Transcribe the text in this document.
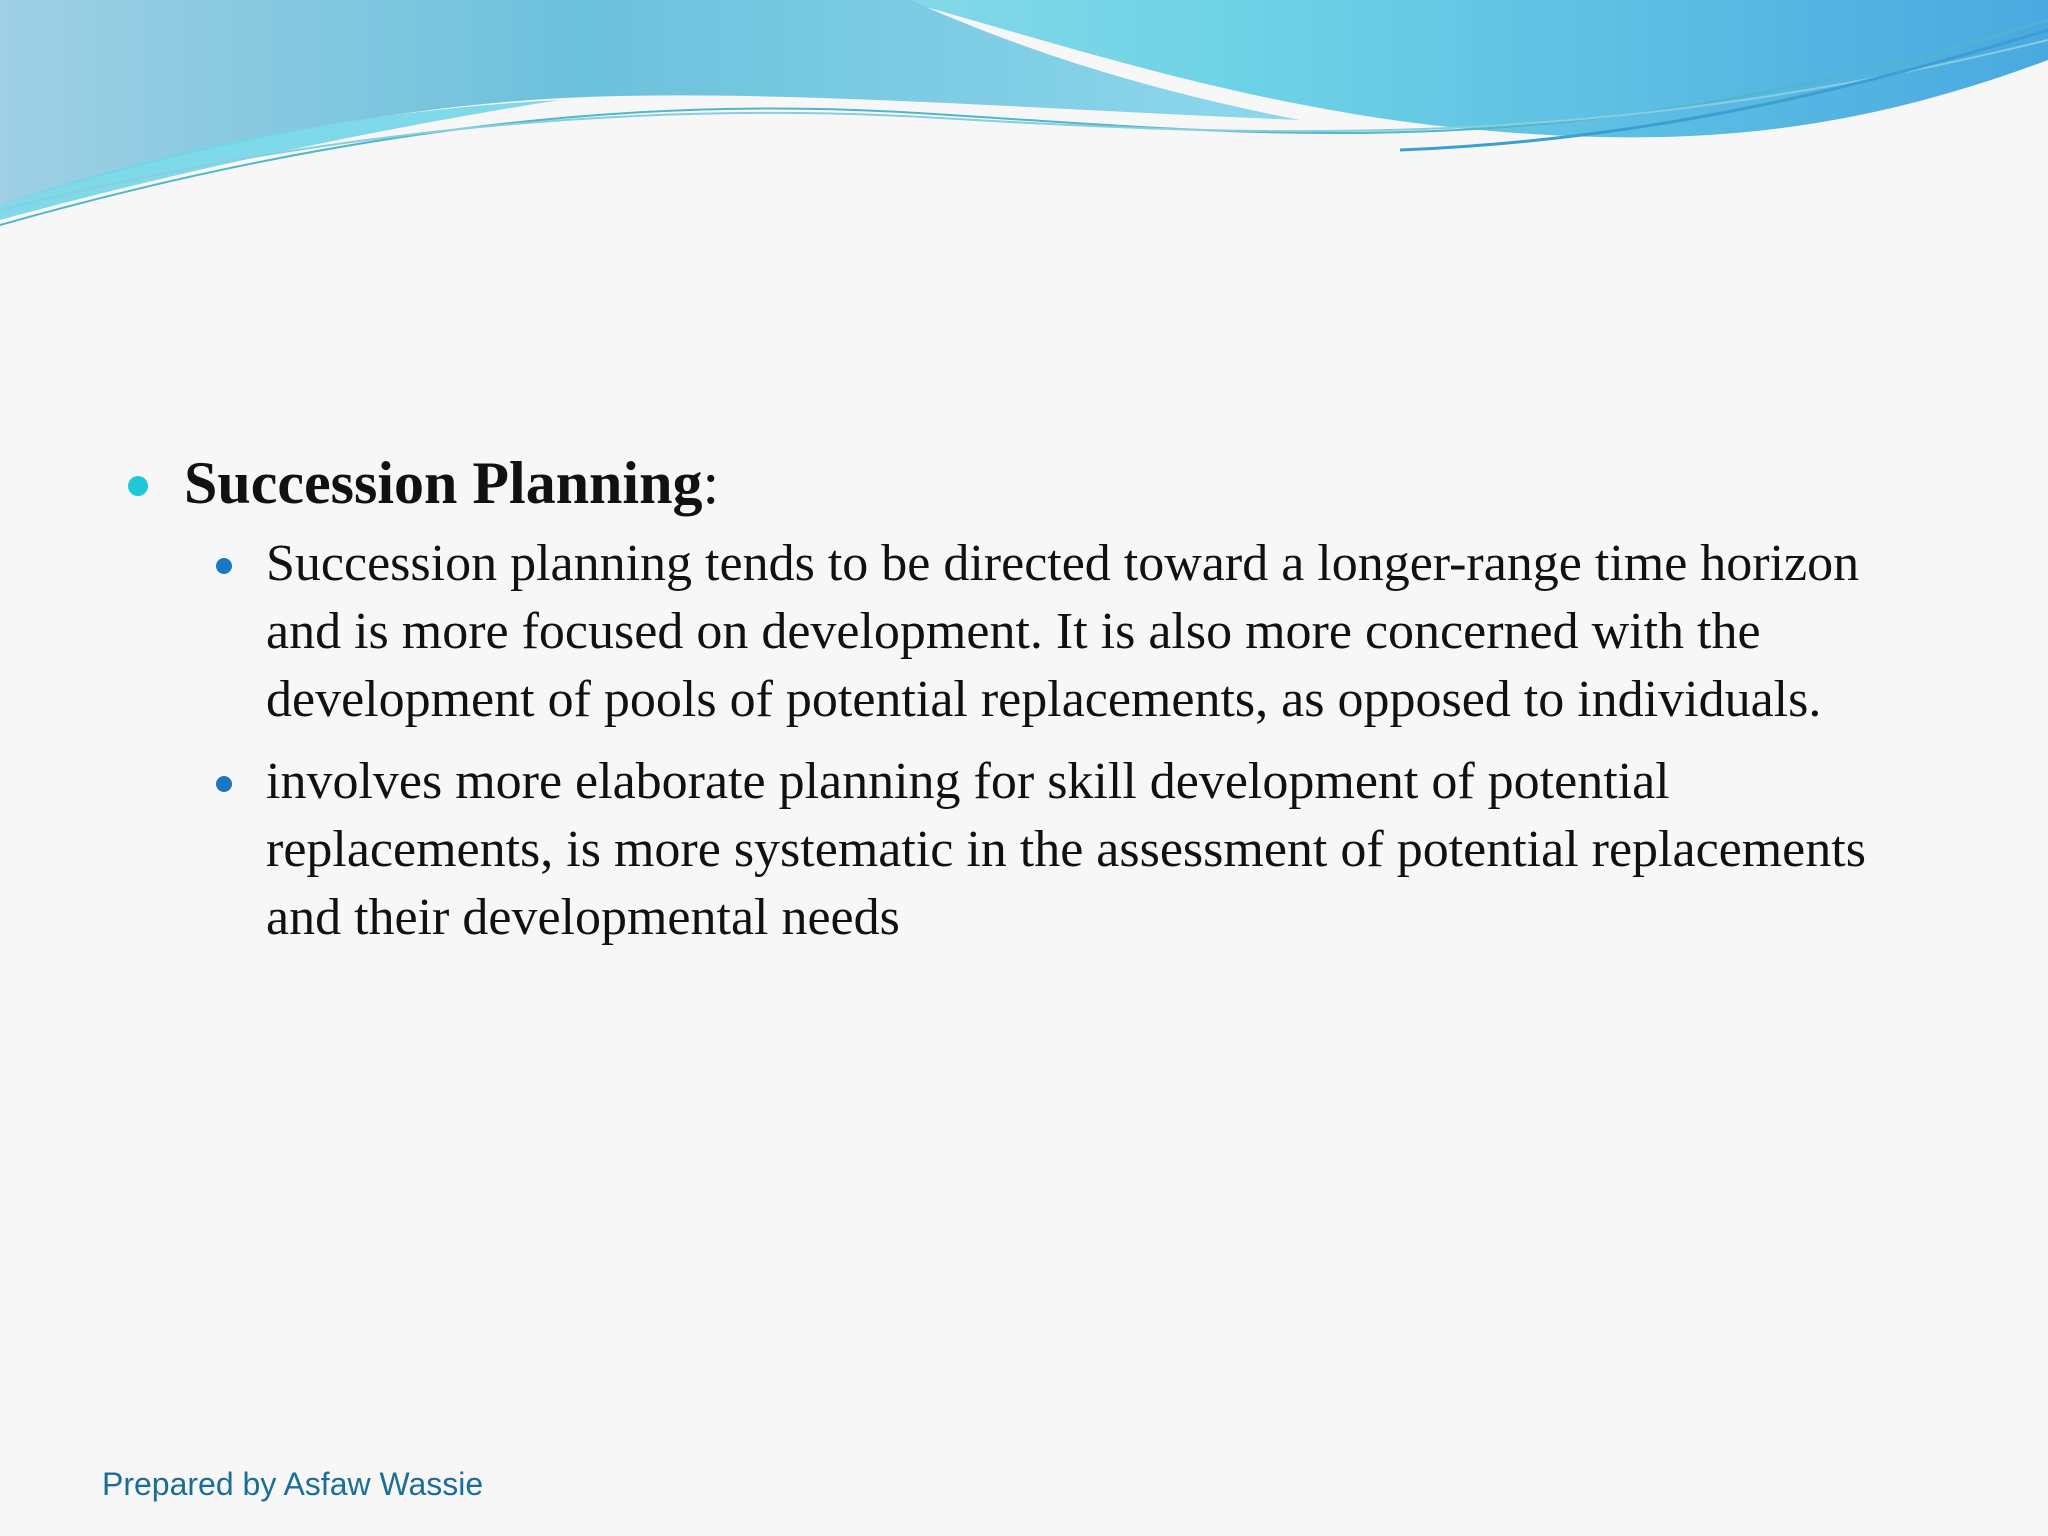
Succession Planning:
Succession planning tends to be directed toward a longer-range time horizon and is more focused on development. It is also more concerned with the development of pools of potential replacements, as opposed to individuals.
involves more elaborate planning for skill development of potential replacements, is more systematic in the assessment of potential replacements and their developmental needs
Prepared by Asfaw Wassie
